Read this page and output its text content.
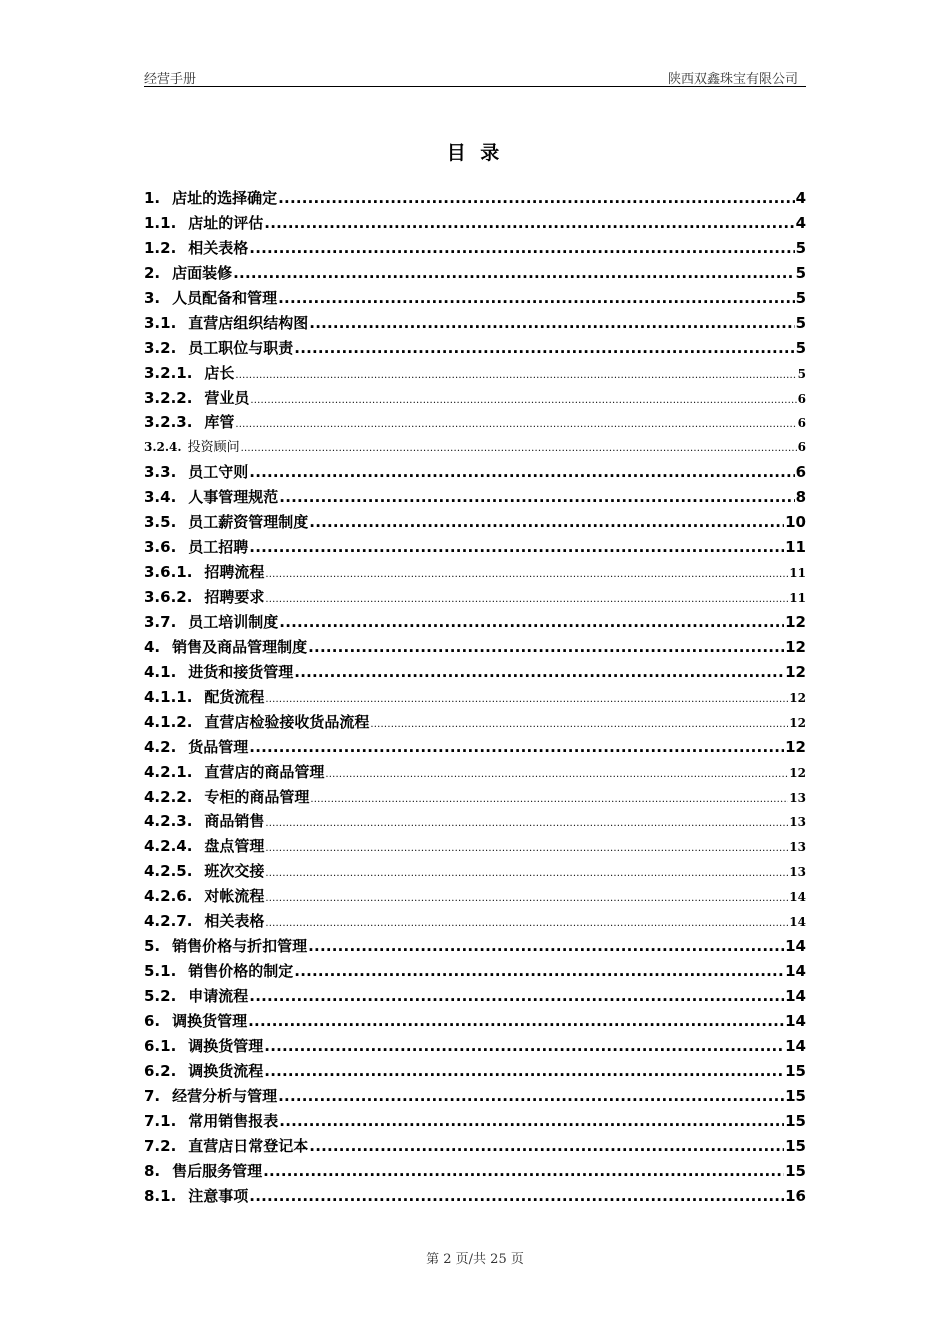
经营手册	陕西双鑫珠宝有限公司
目 录
1. 店址的选择确定 .....	4
1.1. 店址的评估 .....	4
1.2. 相关表格 .....	5
2. 店面装修 .....	5
3. 人员配备和管理 .....	5
3.1. 直营店组织结构图 .....	5
3.2. 员工职位与职责 .....	5
3.2.1. 店长 .....	5
3.2.2. 营业员 .....	6
3.2.3. 库管 .....	6
3.2.4. 投资顾问 .....	6
3.3. 员工守则 .....	6
3.4. 人事管理规范 .....	8
3.5. 员工薪资管理制度 .....	10
3.6. 员工招聘 .....	11
3.6.1. 招聘流程 .....	11
3.6.2. 招聘要求 .....	11
3.7. 员工培训制度 .....	12
4. 销售及商品管理制度 .....	12
4.1. 进货和接货管理 .....	12
4.1.1. 配货流程 .....	12
4.1.2. 直营店检验接收货品流程 .....	12
4.2. 货品管理 .....	12
4.2.1. 直营店的商品管理 .....	12
4.2.2. 专柜的商品管理 .....	13
4.2.3. 商品销售 .....	13
4.2.4. 盘点管理 .....	13
4.2.5. 班次交接 .....	13
4.2.6. 对帐流程 .....	14
4.2.7. 相关表格 .....	14
5. 销售价格与折扣管理 .....	14
5.1. 销售价格的制定 .....	14
5.2. 申请流程 .....	14
6. 调换货管理 .....	14
6.1. 调换货管理 .....	14
6.2. 调换货流程 .....	15
7. 经营分析与管理 .....	15
7.1. 常用销售报表 .....	15
7.2. 直营店日常登记本 .....	15
8. 售后服务管理 .....	15
8.1. 注意事项 .....	16
第 2 页/共 25 页
